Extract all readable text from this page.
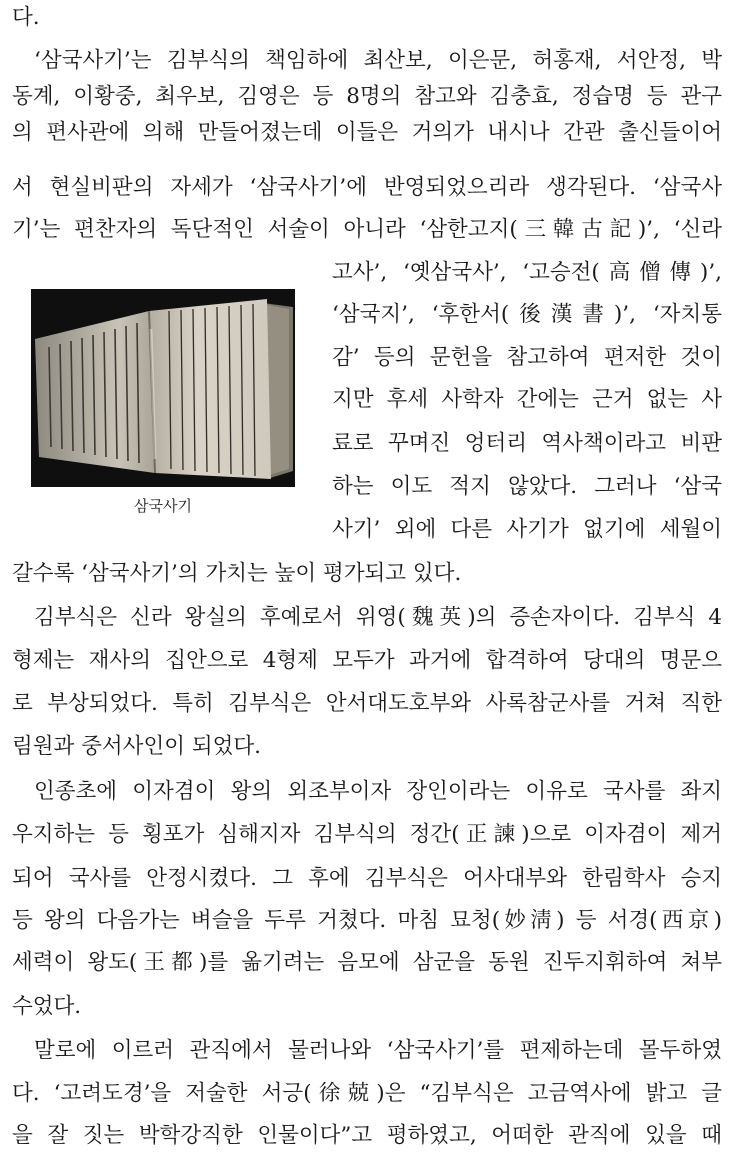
다.
‘삼국사기’는 김부식의 책임하에 최산보, 이은문, 허홍재, 서안정, 박
동계, 이황중, 최우보, 김영은 등 8명의 참고와 김충효, 정습명 등 관구
의 편사관에 의해 만들어졌는데 이들은 거의가 내시나 간관 출신들이어
서 현실비판의 자세가 ‘삼국사기’에 반영되었으리라 생각된다. ‘삼국사
기’는 편찬자의 독단적인 서술이 아니라 ‘삼한고지(三韓古記)’, ‘신라
고사’, ‘옛삼국사’, ‘고승전(高僧傳)’,
‘삼국지’, ‘후한서(後漢書)’, ‘자치통
감’ 등의 문헌을 참고하여 편저한 것이
지만 후세 사학자 간에는 근거 없는 사
료로 꾸며진 엉터리 역사책이라고 비판
하는 이도 적지 않았다. 그러나 ‘삼국
사기’ 외에 다른 사기가 없기에 세월이
갈수록 ‘삼국사기’의 가치는 높이 평가되고 있다.
김부식은 신라 왕실의 후예로서 위영(魏英)의 증손자이다. 김부식 4
형제는 재사의 집안으로 4형제 모두가 과거에 합격하여 당대의 명문으
로 부상되었다. 특히 김부식은 안서대도호부와 사록참군사를 거쳐 직한
림원과 중서사인이 되었다.
인종초에 이자겸이 왕의 외조부이자 장인이라는 이유로 국사를 좌지
우지하는 등 횡포가 심해지자 김부식의 정간(正諫)으로 이자겸이 제거
되어 국사를 안정시켰다. 그 후에 김부식은 어사대부와 한림학사 승지
등 왕의 다음가는 벼슬을 두루 거쳤다. 마침 묘청(妙淸) 등 서경(西京)
세력이 왕도(王都)를 옮기려는 음모에 삼군을 동원 진두지휘하여 쳐부
수었다.
말로에 이르러 관직에서 물러나와 ‘삼국사기’를 편제하는데 몰두하였
다. ‘고려도경’을 저술한 서긍(徐兢)은 “김부식은 고금역사에 밝고 글
을 잘 짓는 박학강직한 인물이다”고 평하였고, 어떠한 관직에 있을 때
삼국사기
